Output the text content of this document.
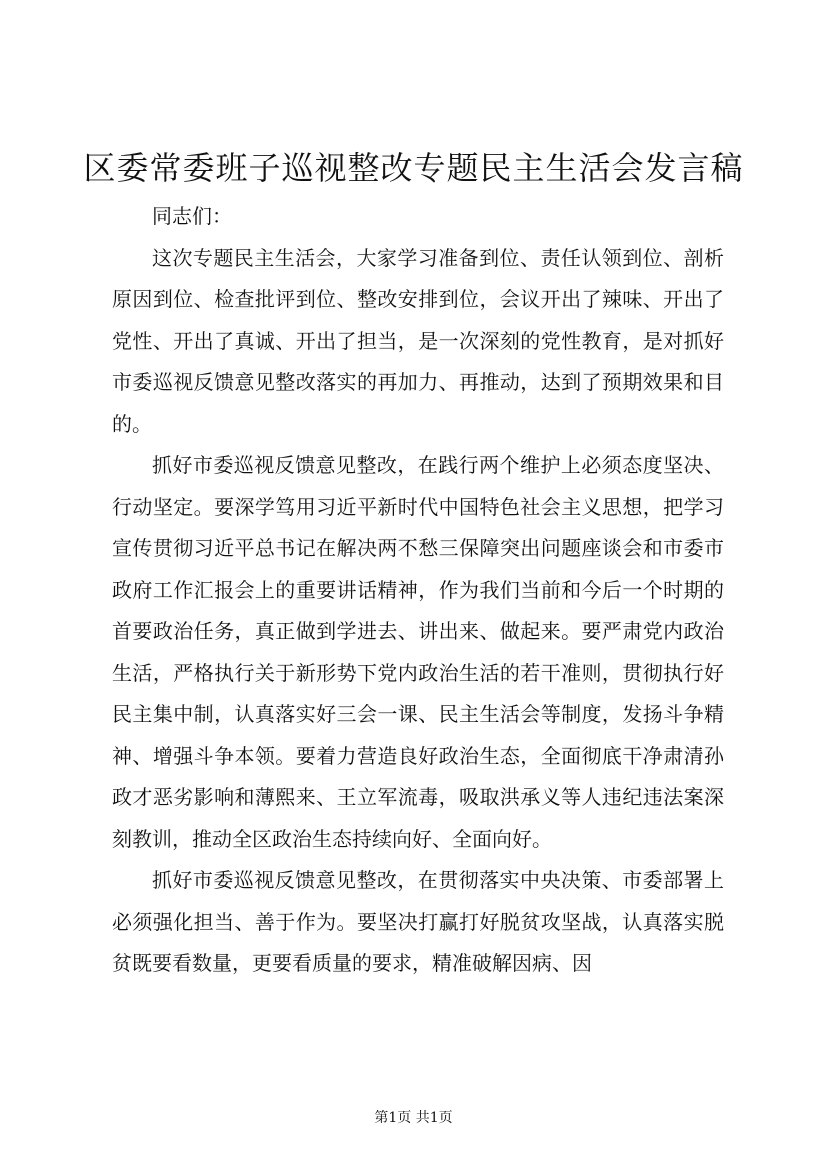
区委常委班子巡视整改专题民主生活会发言稿

同志们：

这次专题民主生活会，大家学习准备到位、责任认领到位、剖析原因到位、检查批评到位、整改安排到位，会议开出了辣味、开出了党性、开出了真诚、开出了担当，是一次深刻的党性教育，是对抓好市委巡视反馈意见整改落实的再加力、再推动，达到了预期效果和目的。

抓好市委巡视反馈意见整改，在践行两个维护上必须态度坚决、行动坚定。要深学笃用习近平新时代中国特色社会主义思想，把学习宣传贯彻习近平总书记在解决两不愁三保障突出问题座谈会和市委市政府工作汇报会上的重要讲话精神，作为我们当前和今后一个时期的首要政治任务，真正做到学进去、讲出来、做起来。要严肃党内政治生活，严格执行关于新形势下党内政治生活的若干准则，贯彻执行好民主集中制，认真落实好三会一课、民主生活会等制度，发扬斗争精神、增强斗争本领。要着力营造良好政治生态，全面彻底干净肃清孙政才恶劣影响和薄熙来、王立军流毒，吸取洪承义等人违纪违法案深刻教训，推动全区政治生态持续向好、全面向好。

抓好市委巡视反馈意见整改，在贯彻落实中央决策、市委部署上必须强化担当、善于作为。要坚决打赢打好脱贫攻坚战，认真落实脱贫既要看数量，更要看质量的要求，精准破解因病、因

第1页 共1页
